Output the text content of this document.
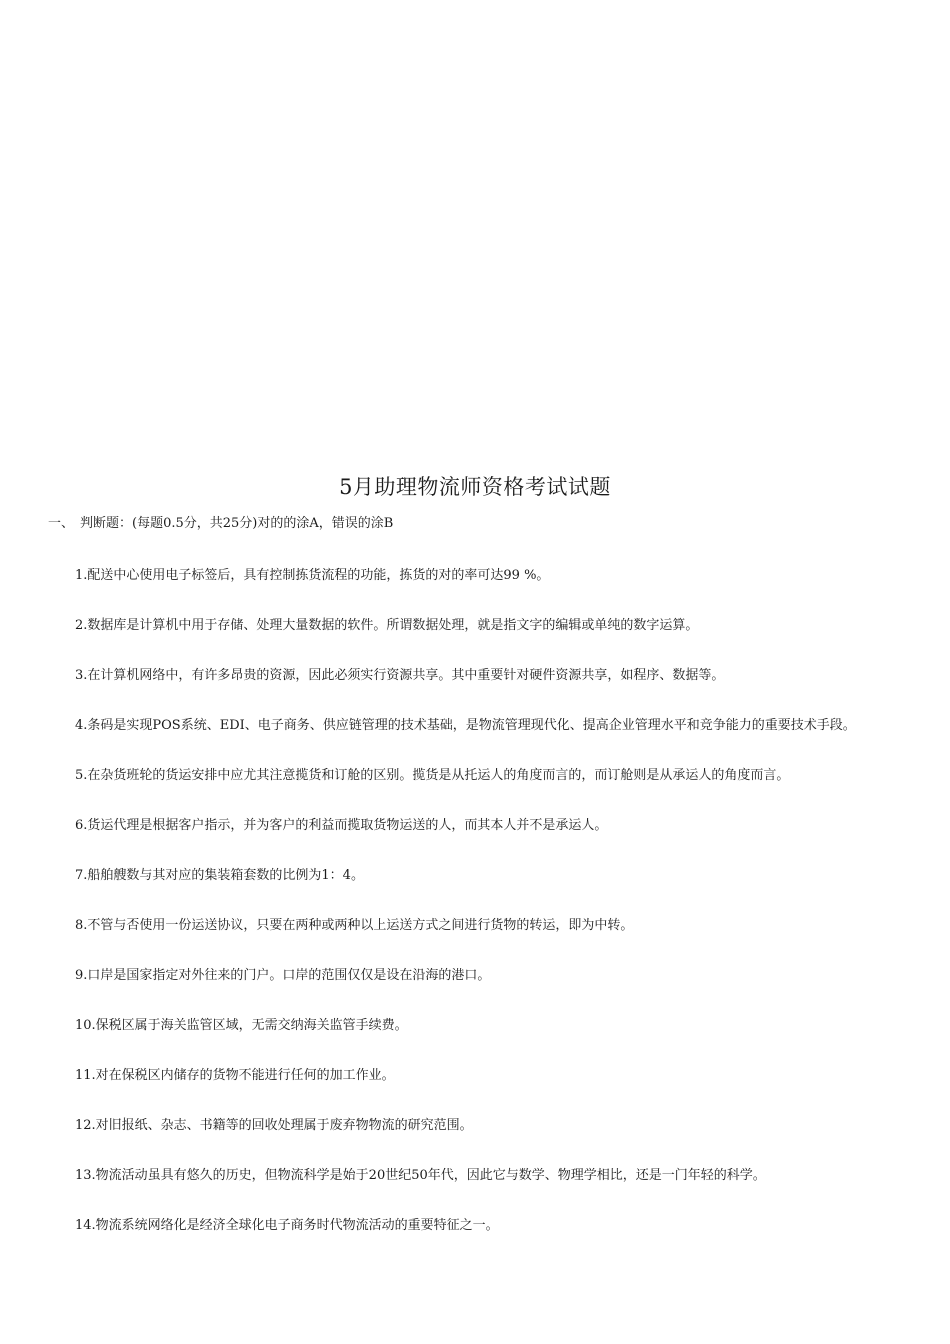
5月助理物流师资格考试试题
一、 判断题：(每题0.5分，共25分)对的的涂A，错误的涂B
1.配送中心使用电子标签后，具有控制拣货流程的功能，拣货的对的率可达99 %。
2.数据库是计算机中用于存储、处理大量数据的软件。所谓数据处理，就是指文字的编辑或单纯的数字运算。
3.在计算机网络中，有许多昂贵的资源，因此必须实行资源共享。其中重要针对硬件资源共享，如程序、数据等。
4.条码是实现POS系统、EDI、电子商务、供应链管理的技术基础，是物流管理现代化、提高企业管理水平和竞争能力的重要技术手段。
5.在杂货班轮的货运安排中应尤其注意揽货和订舱的区别。揽货是从托运人的角度而言的，而订舱则是从承运人的角度而言。
6.货运代理是根据客户指示，并为客户的利益而揽取货物运送的人，而其本人并不是承运人。
7.船舶艘数与其对应的集装箱套数的比例为1：4。
8.不管与否使用一份运送协议，只要在两种或两种以上运送方式之间进行货物的转运，即为中转。
9.口岸是国家指定对外往来的门户。口岸的范围仅仅是设在沿海的港口。
10.保税区属于海关监管区域，无需交纳海关监管手续费。
11.对在保税区内储存的货物不能进行任何的加工作业。
12.对旧报纸、杂志、书籍等的回收处理属于废弃物物流的研究范围。
13.物流活动虽具有悠久的历史，但物流科学是始于20世纪50年代，因此它与数学、物理学相比，还是一门年轻的科学。
14.物流系统网络化是经济全球化电子商务时代物流活动的重要特征之一。
